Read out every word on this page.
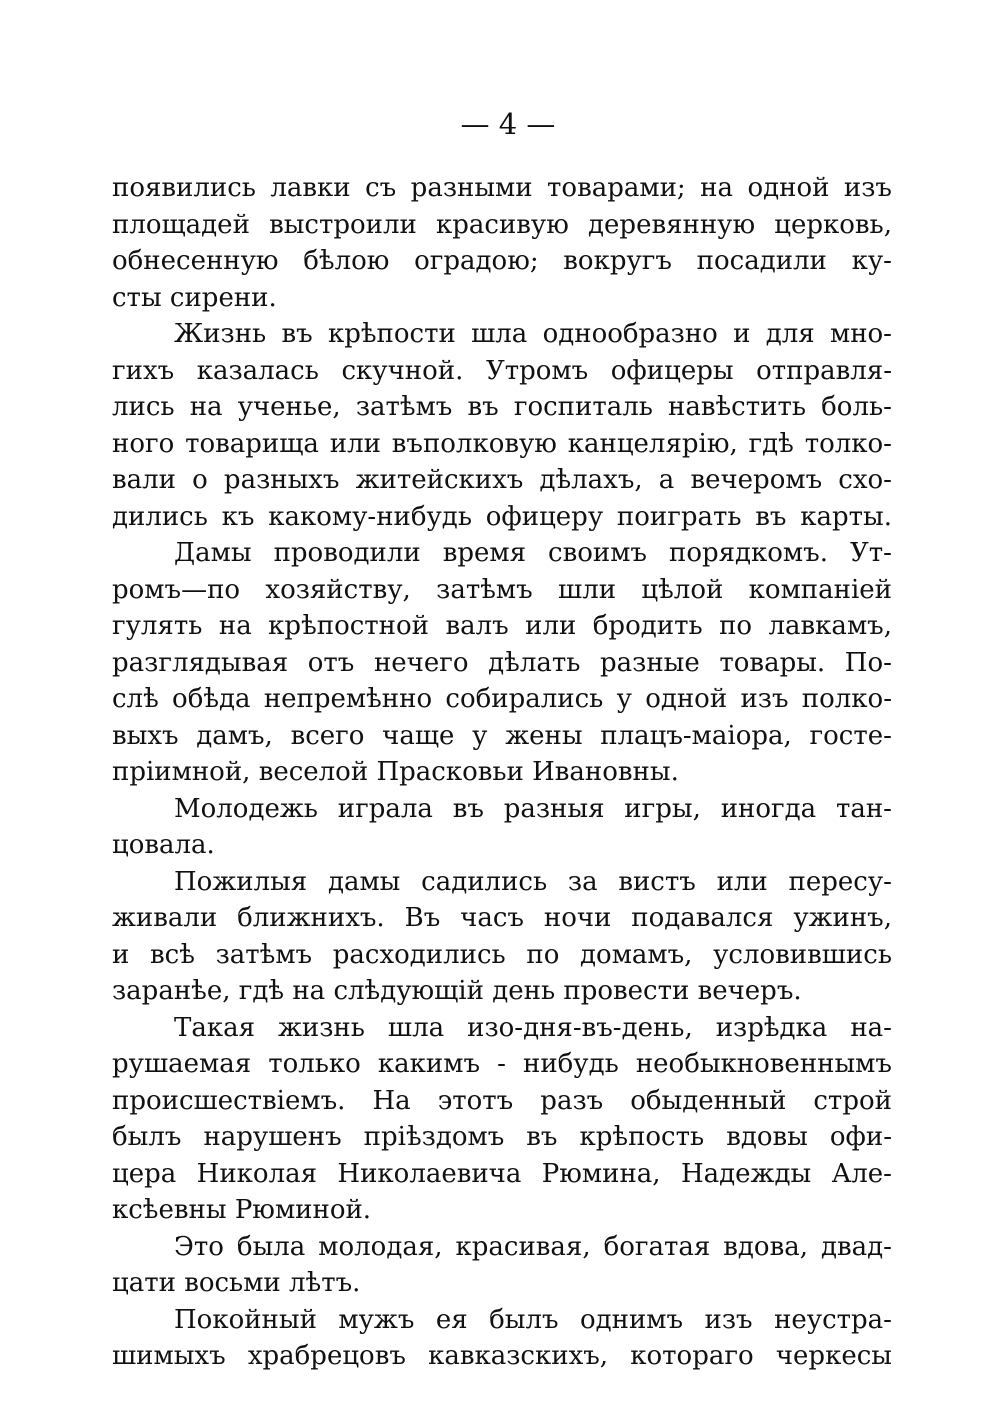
— 4 —
появились лавки съ разными товарами; на одной изъ
площадей выстроили красивую деревянную церковь,
обнесенную бѣлою оградою; вокругъ посадили ку-
сты сирени.
Жизнь въ крѣпости шла однообразно и для мно-
гихъ казалась скучной. Утромъ офицеры отправля-
лись на ученье, затѣмъ въ госпиталь навѣстить боль-
ного товарища или въполковую канцелярію, гдѣ толко-
вали о разныхъ житейскихъ дѣлахъ, а вечеромъ схо-
дились къ какому-нибудь офицеру поиграть въ карты.
Дамы проводили время своимъ порядкомъ. Ут-
ромъ—по хозяйству, затѣмъ шли цѣлой компаніей
гулять на крѣпостной валъ или бродить по лавкамъ,
разглядывая отъ нечего дѣлать разные товары. По-
слѣ обѣда непремѣнно собирались у одной изъ полко-
выхъ дамъ, всего чаще у жены плацъ-маіора, госте-
пріимной, веселой Прасковьи Ивановны.
Молодежь играла въ разныя игры, иногда тан-
цовала.
Пожилыя дамы садились за вистъ или пересу-
живали ближнихъ. Въ часъ ночи подавался ужинъ,
и всѣ затѣмъ расходились по домамъ, условившись
заранѣе, гдѣ на слѣдующій день провести вечеръ.
Такая жизнь шла изо-дня-въ-день, изрѣдка на-
рушаемая только какимъ - нибудь необыкновеннымъ
происшествіемъ. На этотъ разъ обыденный строй
былъ нарушенъ пріѣздомъ въ крѣпость вдовы офи-
цера Николая Николаевича Рюмина, Надежды Але-
ксѣевны Рюминой.
Это была молодая, красивая, богатая вдова, двад-
цати восьми лѣтъ.
Покойный мужъ ея былъ однимъ изъ неустра-
шимыхъ храбрецовъ кавказскихъ, котораго черкесы
